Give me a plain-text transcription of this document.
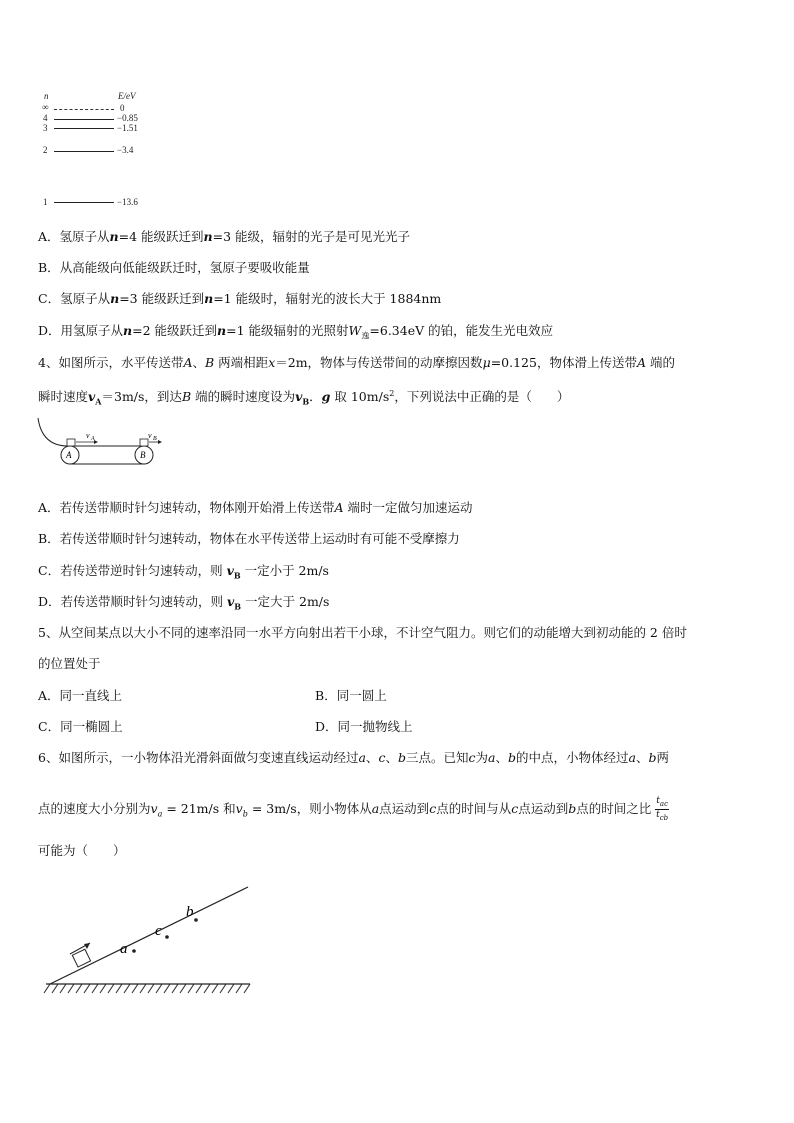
n	E/eV
∞	0
4	−0.85
3	−1.51
2	−3.4
1	−13.6
A．氢原子从n=4 能级跃迁到n=3 能级，辐射的光子是可见光光子
B．从高能级向低能级跃迁时，氢原子要吸收能量
C．氢原子从n=3 能级跃迁到n=1 能级时，辐射光的波长大于 1884nm
D．用氢原子从n=2 能级跃迁到n=1 能级辐射的光照射$W_逸=6.34eV$ 的铂，能发生光电效应
4、如图所示，水平传送带A、B 两端相距x＝2m，物体与传送带间的动摩擦因数μ=0.125，物体滑上传送带A 端的
瞬时速度$v_A=3m/s$，到达B 端的瞬时速度设为$v_B$．g 取 $10m/s^2$，下列说法中正确的是（　　）
v A	v B
A	B
A．若传送带顺时针匀速转动，物体刚开始滑上传送带A 端时一定做匀加速运动
B．若传送带顺时针匀速转动，物体在水平传送带上运动时有可能不受摩擦力
C．若传送带逆时针匀速转动，则 $v_B$ 一定小于 2m/s
D．若传送带顺时针匀速转动，则 $v_B$ 一定大于 2m/s
5、从空间某点以大小不同的速率沿同一水平方向射出若干小球，不计空气阻力。则它们的动能增大到初动能的 2 倍时
的位置处于
A．同一直线上	B．同一圆上
C．同一椭圆上	D．同一抛物线上
6、如图所示，一小物体沿光滑斜面做匀变速直线运动经过a、c、b三点。已知c为a、b的中点，小物体经过a、b两
点的速度大小分别为$v_a = 21m/s$ 和$v_b = 3m/s$，则小物体从a点运动到c点的时间与从c点运动到b点的时间之比 $\frac{t_{ac}}{t_{cb}}$
可能为（　　）
a
c
b
